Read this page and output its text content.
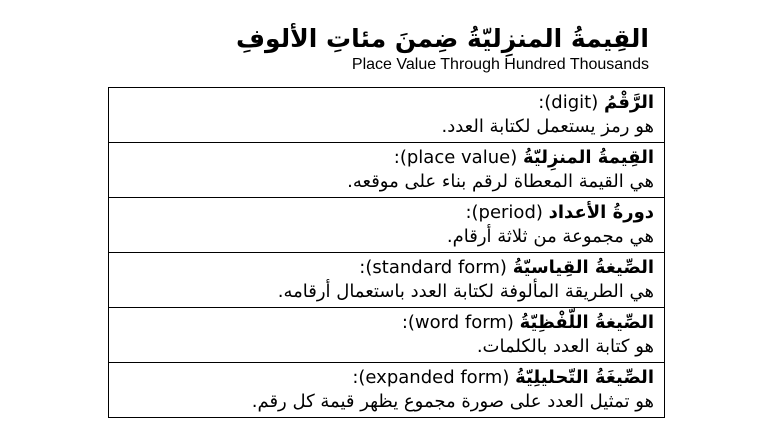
القِيمةُ المنزِليّةُ ضِمنَ مئاتِ الألوفِ
Place Value Through Hundred Thousands
الرَّقْمُ (digit):
هو رمز يستعمل لكتابة العدد.

القِيمةُ المنزِليّةُ (place value):
هي القيمة المعطاة لرقم بناء على موقعه.

دورةُ الأعداد (period):
هي مجموعة من ثلاثة أرقام.

الصِّيغةُ القِياسيّةُ (standard form):
هي الطريقة المألوفة لكتابة العدد باستعمال أرقامه.

الصِّيغةُ اللّفْظِيّةُ (word form):
هو كتابة العدد بالكلمات.

الصِّيغَةُ التّحليلِيّةُ (expanded form):
هو تمثيل العدد على صورة مجموع يظهر قيمة كل رقم.
